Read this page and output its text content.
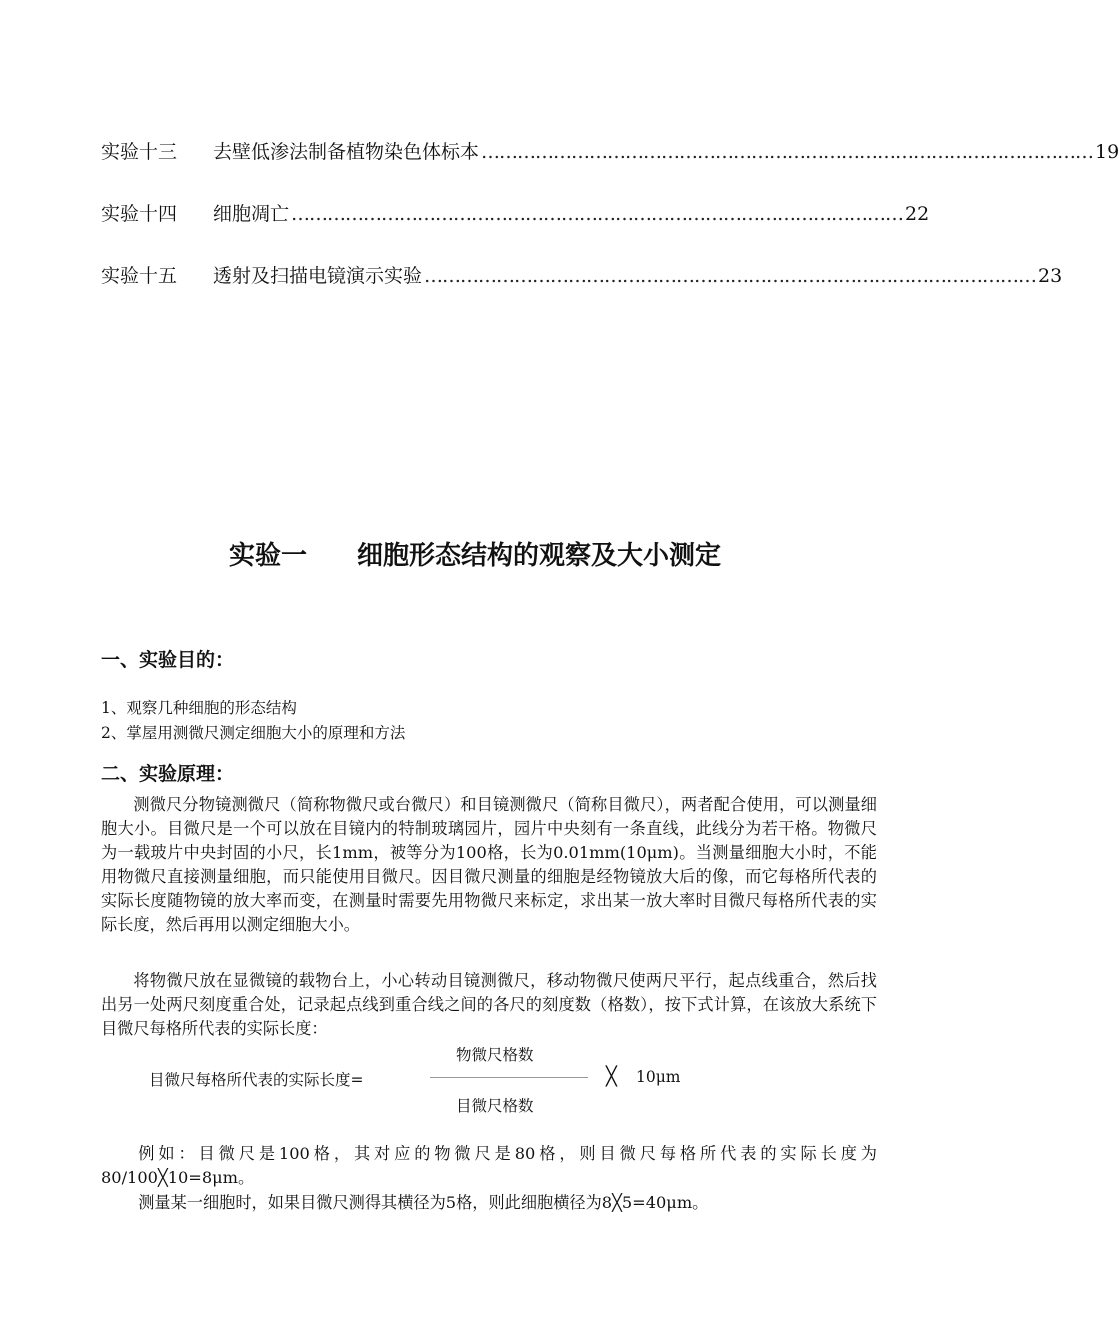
实验十三	去壁低渗法制备植物染色体标本 ………………………………………………………………………………………… 19
实验十四	细胞凋亡 ………………………………………………………………………………………… 22
实验十五	透射及扫描电镜演示实验 ………………………………………………………………………………………… 23
实验一 细胞形态结构的观察及大小测定
一、实验目的：
1、观察几种细胞的形态结构
2、掌屋用测微尺测定细胞大小的原理和方法
二、实验原理：
测微尺分物镜测微尺（简称物微尺或台微尺）和目镜测微尺（简称目微尺），两者配合使用，可以测量细胞大小。目微尺是一个可以放在目镜内的特制玻璃园片，园片中央刻有一条直线，此线分为若干格。物微尺为一载玻片中央封固的小尺，长1mm，被等分为100格，长为0.01mm(10μm)。当测量细胞大小时，不能用物微尺直接测量细胞，而只能使用目微尺。因目微尺测量的细胞是经物镜放大后的像，而它每格所代表的实际长度随物镜的放大率而变，在测量时需要先用物微尺来标定，求出某一放大率时目微尺每格所代表的实际长度，然后再用以测定细胞大小。
将物微尺放在显微镜的载物台上，小心转动目镜测微尺，移动物微尺使两尺平行，起点线重合，然后找出另一处两尺刻度重合处，记录起点线到重合线之间的各尺的刻度数（格数），按下式计算，在该放大系统下目微尺每格所代表的实际长度：
目微尺每格所代表的实际长度=
物微尺格数
目微尺格数
╳ 10μm
例如：目微尺是100格，其对应的物微尺是80格，则目微尺每格所代表的实际长度为80/100╳10=8μm。
测量某一细胞时，如果目微尺测得其横径为5格，则此细胞横径为8╳5=40μm。
